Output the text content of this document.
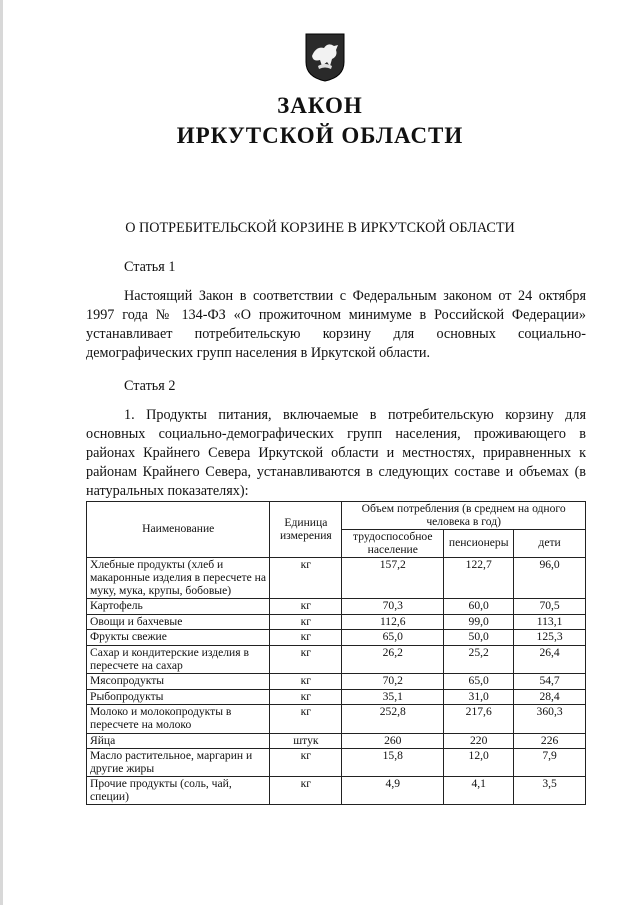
ЗАКОН
ИРКУТСКОЙ ОБЛАСТИ
О ПОТРЕБИТЕЛЬСКОЙ КОРЗИНЕ В ИРКУТСКОЙ ОБЛАСТИ
Статья 1

Настоящий Закон в соответствии с Федеральным законом от 24 октября 1997 года № 134-ФЗ «О прожиточном минимуме в Российской Федерации» устанавливает потребительскую корзину для основных социально-демографических групп населения в Иркутской области.

Статья 2

1. Продукты питания, включаемые в потребительскую корзину для основных социально-демографических групп населения, проживающего в районах Крайнего Севера Иркутской области и местностях, приравненных к районам Крайнего Севера, устанавливаются в следующих составе и объемах (в натуральных показателях):

Наименование	Единица измерения	Объем потребления (в среднем на одного человека в год)		
		трудоспособное население	пенсионеры	дети
Хлебные продукты (хлеб и макаронные изделия в пересчете на муку, мука, крупы, бобовые)	кг	157,2	122,7	96,0
Картофель	кг	70,3	60,0	70,5
Овощи и бахчевые	кг	112,6	99,0	113,1
Фрукты свежие	кг	65,0	50,0	125,3
Сахар и кондитерские изделия в пересчете на сахар	кг	26,2	25,2	26,4
Мясопродукты	кг	70,2	65,0	54,7
Рыбопродукты	кг	35,1	31,0	28,4
Молоко и молокопродукты в пересчете на молоко	кг	252,8	217,6	360,3
Яйца	штук	260	220	226
Масло растительное, маргарин и другие жиры	кг	15,8	12,0	7,9
Прочие продукты (соль, чай, специи)	кг	4,9	4,1	3,5
